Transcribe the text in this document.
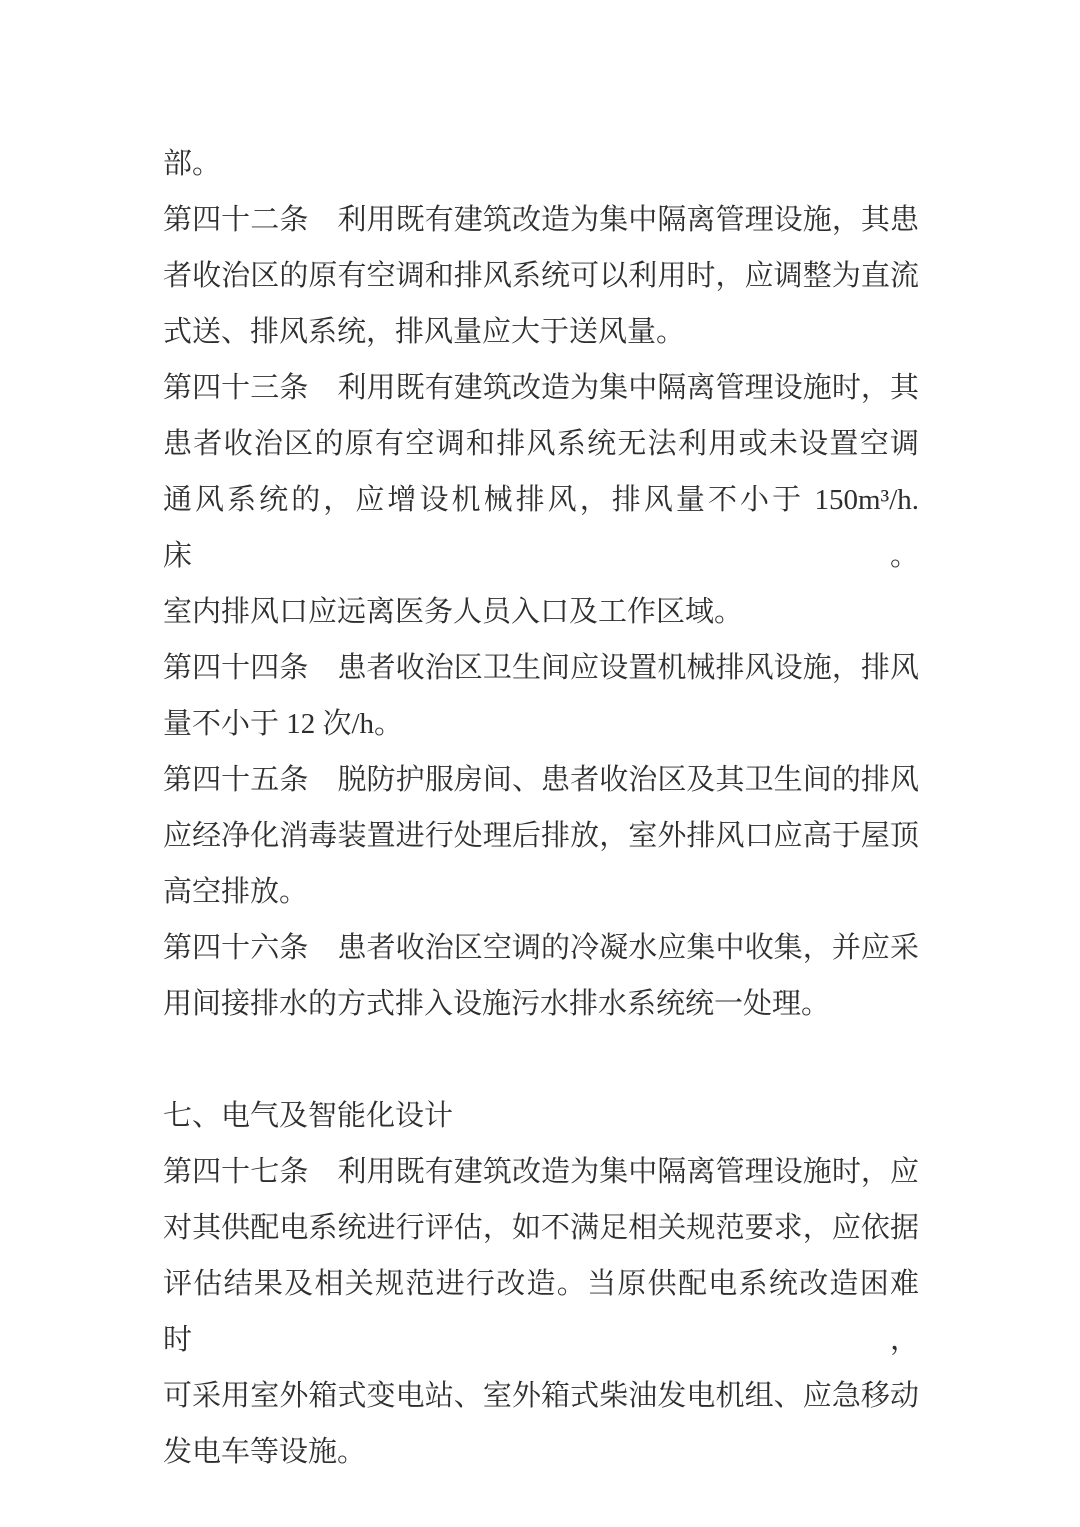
部。
第四十二条　利用既有建筑改造为集中隔离管理设施，其患
者收治区的原有空调和排风系统可以利用时，应调整为直流
式送、排风系统，排风量应大于送风量。
第四十三条　利用既有建筑改造为集中隔离管理设施时，其
患者收治区的原有空调和排风系统无法利用或未设置空调
通风系统的，应增设机械排风，排风量不小于 150m³/h. 床。
室内排风口应远离医务人员入口及工作区域。
第四十四条　患者收治区卫生间应设置机械排风设施，排风
量不小于 12 次/h。
第四十五条　脱防护服房间、患者收治区及其卫生间的排风
应经净化消毒装置进行处理后排放，室外排风口应高于屋顶
高空排放。
第四十六条　患者收治区空调的冷凝水应集中收集，并应采
用间接排水的方式排入设施污水排水系统统一处理。
七、电气及智能化设计
第四十七条　利用既有建筑改造为集中隔离管理设施时，应
对其供配电系统进行评估，如不满足相关规范要求，应依据
评估结果及相关规范进行改造。当原供配电系统改造困难时，
可采用室外箱式变电站、室外箱式柴油发电机组、应急移动
发电车等设施。
